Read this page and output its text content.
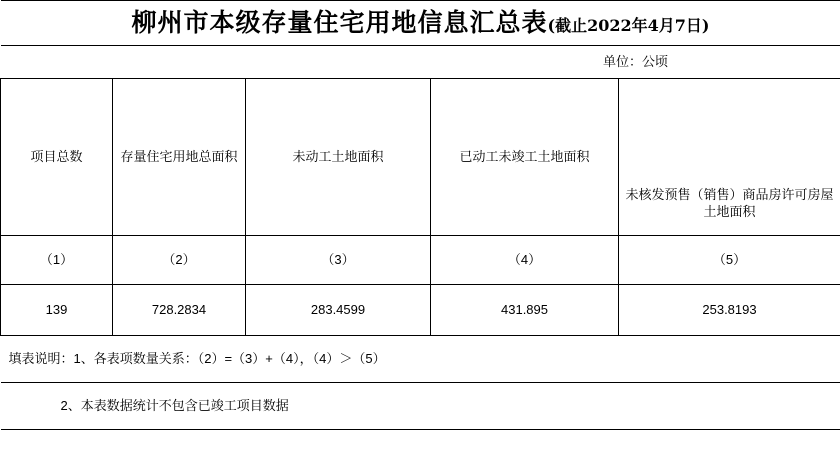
柳州市本级存量住宅用地信息汇总表(截止2022年4月7日)				
			单位：公顷	
项目总数	存量住宅用地总面积	未动工土地面积	已动工未竣工土地面积	未核发预售（销售）商品房许可房屋土地面积
（1）	（2）	（3）	（4）	（5）
139	728.2834	283.4599	431.895	253.8193
填表说明：1、各表项数量关系：（2）=（3）+（4），（4）＞（5）				
2、本表数据统计不包含已竣工项目数据				
